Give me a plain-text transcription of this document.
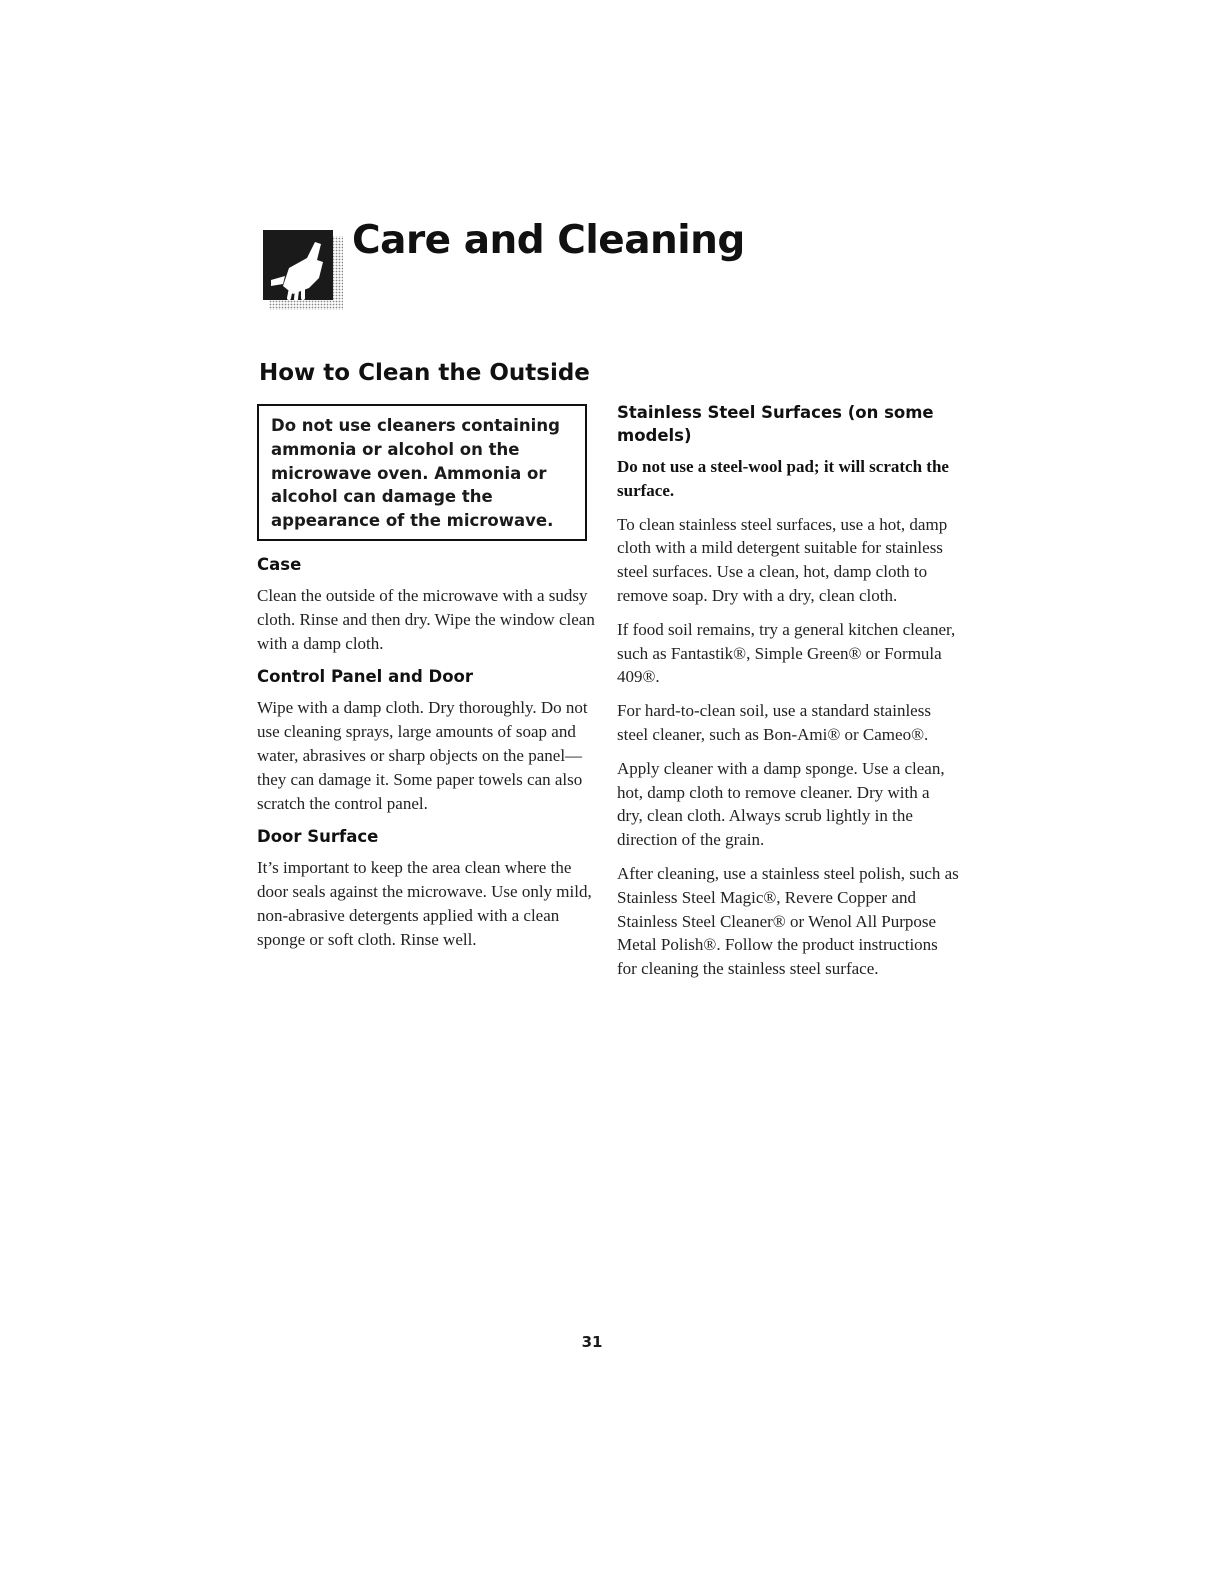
Care and Cleaning
How to Clean the Outside
Do not use cleaners containing ammonia or alcohol on the microwave oven. Ammonia or alcohol can damage the appearance of the microwave.
Case

Clean the outside of the microwave with a sudsy cloth. Rinse and then dry. Wipe the window clean with a damp cloth.

Control Panel and Door

Wipe with a damp cloth. Dry thoroughly. Do not use cleaning sprays, large amounts of soap and water, abrasives or sharp objects on the panel—they can damage it. Some paper towels can also scratch the control panel.

Door Surface

It’s important to keep the area clean where the door seals against the microwave. Use only mild, non-abrasive detergents applied with a clean sponge or soft cloth. Rinse well.

Stainless Steel Surfaces (on some models)

Do not use a steel-wool pad; it will scratch the surface.

To clean stainless steel surfaces, use a hot, damp cloth with a mild detergent suitable for stainless steel surfaces. Use a clean, hot, damp cloth to remove soap. Dry with a dry, clean cloth.

If food soil remains, try a general kitchen cleaner, such as Fantastik®, Simple Green® or Formula 409®.

For hard-to-clean soil, use a standard stainless steel cleaner, such as Bon-Ami® or Cameo®.

Apply cleaner with a damp sponge. Use a clean, hot, damp cloth to remove cleaner. Dry with a dry, clean cloth. Always scrub lightly in the direction of the grain.

After cleaning, use a stainless steel polish, such as Stainless Steel Magic®, Revere Copper and Stainless Steel Cleaner® or Wenol All Purpose Metal Polish®. Follow the product instructions for cleaning the stainless steel surface.

31
